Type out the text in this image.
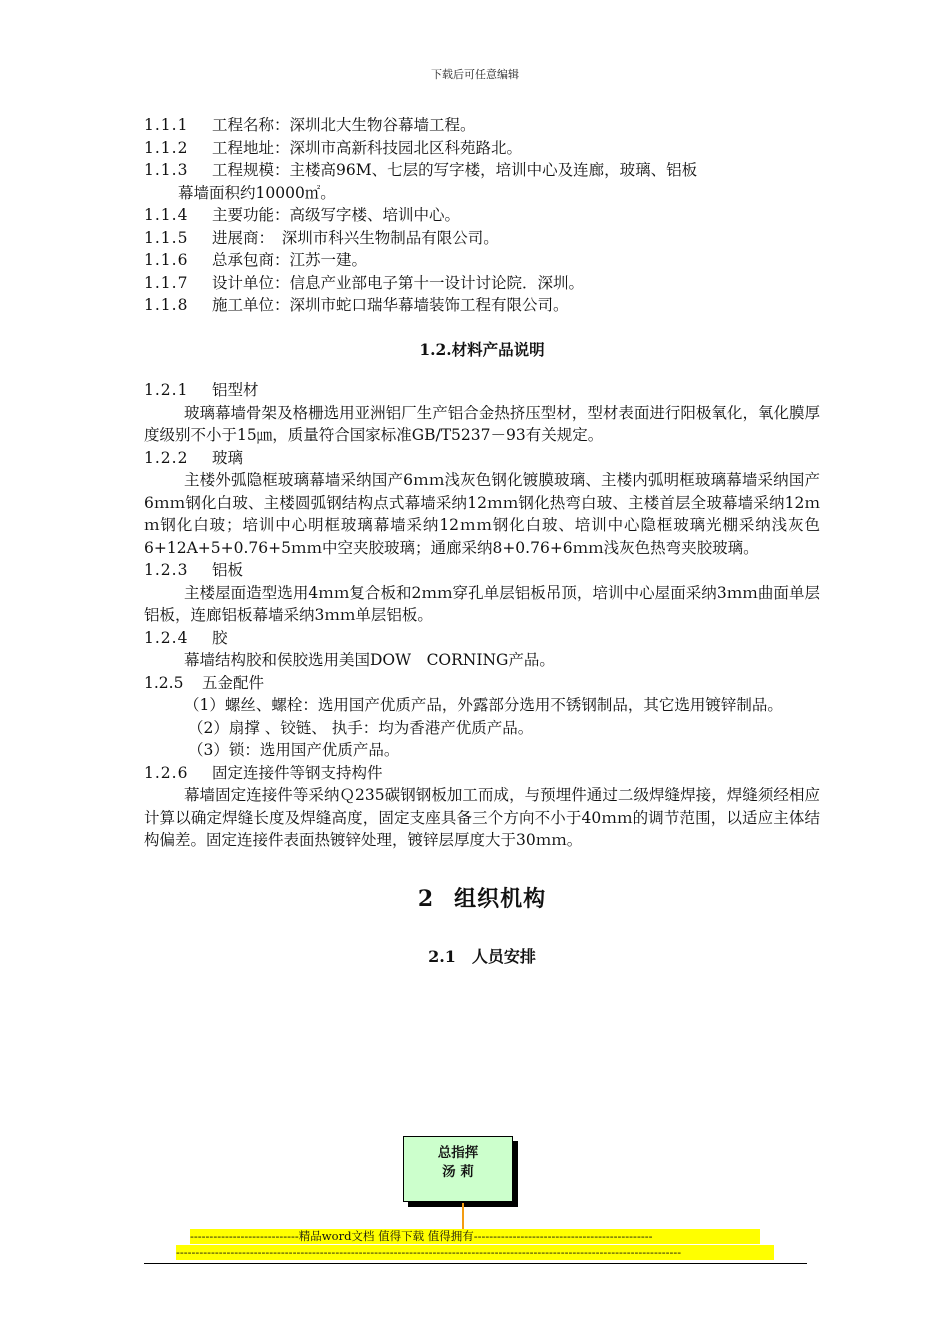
下载后可任意编辑
1.1.1 工程名称：深圳北大生物谷幕墙工程。
1.1.2 工程地址：深圳市高新科技园北区科苑路北。
1.1.3 工程规模：主楼高96M、七层的写字楼，培训中心及连廊，玻璃、铝板
幕墙面积约10000㎡。
1.1.4 主要功能：高级写字楼、培训中心。
1.1.5 进展商：　深圳市科兴生物制品有限公司。
1.1.6 总承包商：江苏一建。
1.1.7 设计单位：信息产业部电子第十一设计讨论院．深圳。
1.1.8 施工单位：深圳市蛇口瑞华幕墙装饰工程有限公司。
1.2.材料产品说明
1.2.1 铝型材
玻璃幕墙骨架及格栅选用亚洲铝厂生产铝合金热挤压型材，型材表面进行阳极氧化，氧化膜厚度级别不小于15㎛，质量符合国家标准GB/T5237－93有关规定。
1.2.2 玻璃
主楼外弧隐框玻璃幕墙采纳国产6ｍｍ浅灰色钢化镀膜玻璃、主楼内弧明框玻璃幕墙采纳国产6ｍｍ钢化白玻、主楼圆弧钢结构点式幕墙采纳12ｍｍ钢化热弯白玻、主楼首层全玻幕墙采纳12ｍｍ钢化白玻；培训中心明框玻璃幕墙采纳12ｍｍ钢化白玻、培训中心隐框玻璃光棚采纳浅灰色6+12A+5+0.76+5ｍｍ中空夹胶玻璃；通廊采纳8+0.76+6ｍｍ浅灰色热弯夹胶玻璃。
1.2.3 铝板
主楼屋面造型选用4ｍｍ复合板和2ｍｍ穿孔单层铝板吊顶，培训中心屋面采纳3ｍｍ曲面单层铝板，连廊铝板幕墙采纳3ｍｍ单层铝板。
1.2.4 胶
幕墙结构胶和侯胶选用美国DOW　CORNING产品。
1.2.5 五金配件
（1）螺丝、螺栓：选用国产优质产品，外露部分选用不锈钢制品，其它选用镀锌制品。
（2）扇撑 、铰链、 执手：均为香港产优质产品。
（3）锁：选用国产优质产品。
1.2.6 固定连接件等钢支持构件
幕墙固定连接件等采纳Ｑ235碳钢钢板加工而成，与预埋件通过二级焊缝焊接，焊缝须经相应计算以确定焊缝长度及焊缝高度，固定支座具备三个方向不小于40ｍｍ的调节范围，以适应主体结构偏差。固定连接件表面热镀锌处理，镀锌层厚度大于30ｍｍ。
2 组织机构
2.1 人员安排
总指挥
汤 莉
----------------------------精品word文档 值得下载 值得拥有----------------------------------------------
----------------------------------------------------------------------------------------------------------------------------------
